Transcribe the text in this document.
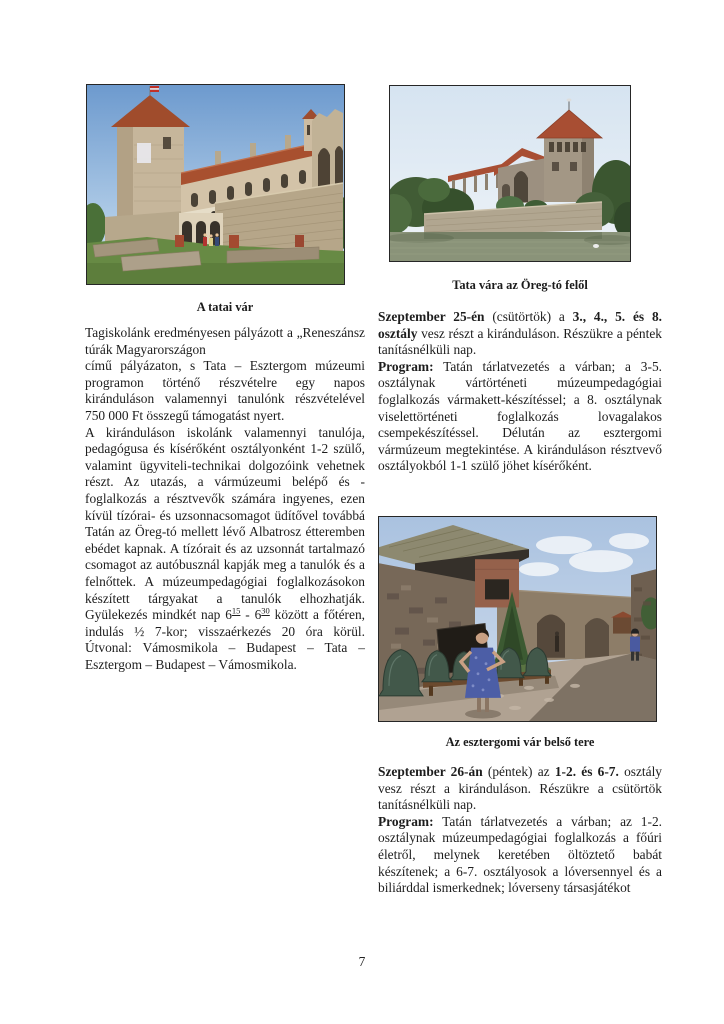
A tatai vár
Tata vára az Öreg-tó felől

Szeptember 25-én (csütörtök) a 3., 4., 5. és 8. osztály vesz részt a kiránduláson. Részükre a péntek tanításnélküli nap.

Program: Tatán tárlatvezetés a várban; a 3-5. osztálynak vártörténeti múzeumpedagógiai foglalkozás vármakett-készítéssel; a 8. osztálynak viselettörténeti foglalkozás lovagalakos csempekészítéssel. Délután az esztergomi vármúzeum megtekintése. A kiránduláson résztvevő osztályokból 1-1 szülő jöhet kísérőként.

Tagiskolánk eredményesen pályázott a „Reneszánsz túrák Magyarországon
című pályázaton, s Tata – Esztergom múzeumi programon történő részvételre egy napos kiránduláson valamennyi tanulónk részvételével 750 000 Ft összegű támogatást nyert.

A kiránduláson iskolánk valamennyi tanulója, pedagógusa és kísérőként osztályonként 1-2 szülő, valamint ügyviteli-technikai dolgozóink vehetnek részt. Az utazás, a vármúzeumi belépő és - foglalkozás a résztvevők számára ingyenes, ezen kívül tízórai- és uzsonnacsomagot üdítővel továbbá Tatán az Öreg-tó mellett lévő Albatrosz étteremben ebédet kapnak. A tízórait és az uzsonnát tartalmazó csomagot az autóbusznál kapják meg a tanulók és a felnőttek. A múzeumpedagógiai foglalkozásokon készített tárgyakat a tanulók elhozhatják. Gyülekezés mindkét nap $6^{15} - 6^{30}$ között a főtéren, indulás ½ 7-kor; visszaérkezés 20 óra körül. Útvonal: Vámosmikola – Budapest – Tata – Esztergom – Budapest – Vámosmikola.

Az esztergomi vár belső tere

Szeptember 26-án (péntek) az 1-2. és 6-7. osztály vesz részt a kiránduláson. Részükre a csütörtök tanításnélküli nap.

Program: Tatán tárlatvezetés a várban; az 1-2. osztálynak múzeumpedagógiai foglalkozás a főúri életről, melynek keretében öltöztető babát készítenek; a 6-7. osztályosok a lóversennyel és a biliárddal ismerkednek; lóverseny társasjátékot

7
